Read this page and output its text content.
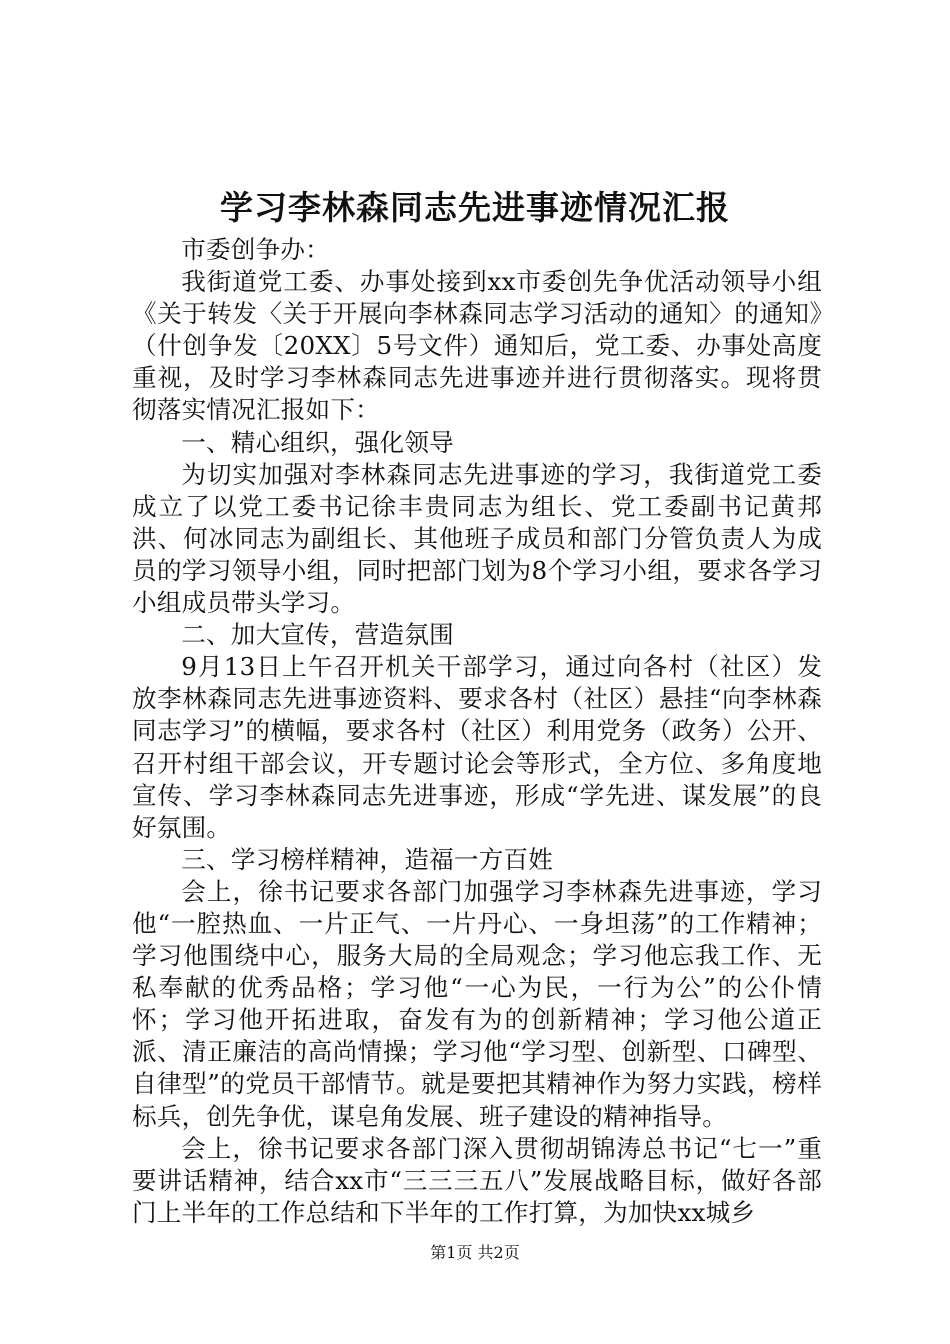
学习李林森同志先进事迹情况汇报

市委创争办：

我街道党工委、办事处接到xx市委创先争优活动领导小组《关于转发〈关于开展向李林森同志学习活动的通知〉的通知》（什创争发〔20XX〕5号文件）通知后，党工委、办事处高度重视，及时学习李林森同志先进事迹并进行贯彻落实。现将贯彻落实情况汇报如下：

一、精心组织，强化领导

为切实加强对李林森同志先进事迹的学习，我街道党工委成立了以党工委书记徐丰贵同志为组长、党工委副书记黄邦洪、何冰同志为副组长、其他班子成员和部门分管负责人为成员的学习领导小组，同时把部门划为8个学习小组，要求各学习小组成员带头学习。

二、加大宣传，营造氛围

9月13日上午召开机关干部学习，通过向各村（社区）发放李林森同志先进事迹资料、要求各村（社区）悬挂“向李林森同志学习”的横幅，要求各村（社区）利用党务（政务）公开、召开村组干部会议，开专题讨论会等形式，全方位、多角度地宣传、学习李林森同志先进事迹，形成“学先进、谋发展”的良好氛围。

三、学习榜样精神，造福一方百姓

会上，徐书记要求各部门加强学习李林森先进事迹，学习他“一腔热血、一片正气、一片丹心、一身坦荡”的工作精神；学习他围绕中心，服务大局的全局观念；学习他忘我工作、无私奉献的优秀品格；学习他“一心为民，一行为公”的公仆情怀；学习他开拓进取，奋发有为的创新精神；学习他公道正派、清正廉洁的高尚情操；学习他“学习型、创新型、口碑型、自律型”的党员干部情节。就是要把其精神作为努力实践，榜样标兵，创先争优，谋皂角发展、班子建设的精神指导。

会上，徐书记要求各部门深入贯彻胡锦涛总书记“七一”重要讲话精神，结合xx市“三三三五八”发展战略目标，做好各部门上半年的工作总结和下半年的工作打算，为加快xx城乡

第1页 共2页
